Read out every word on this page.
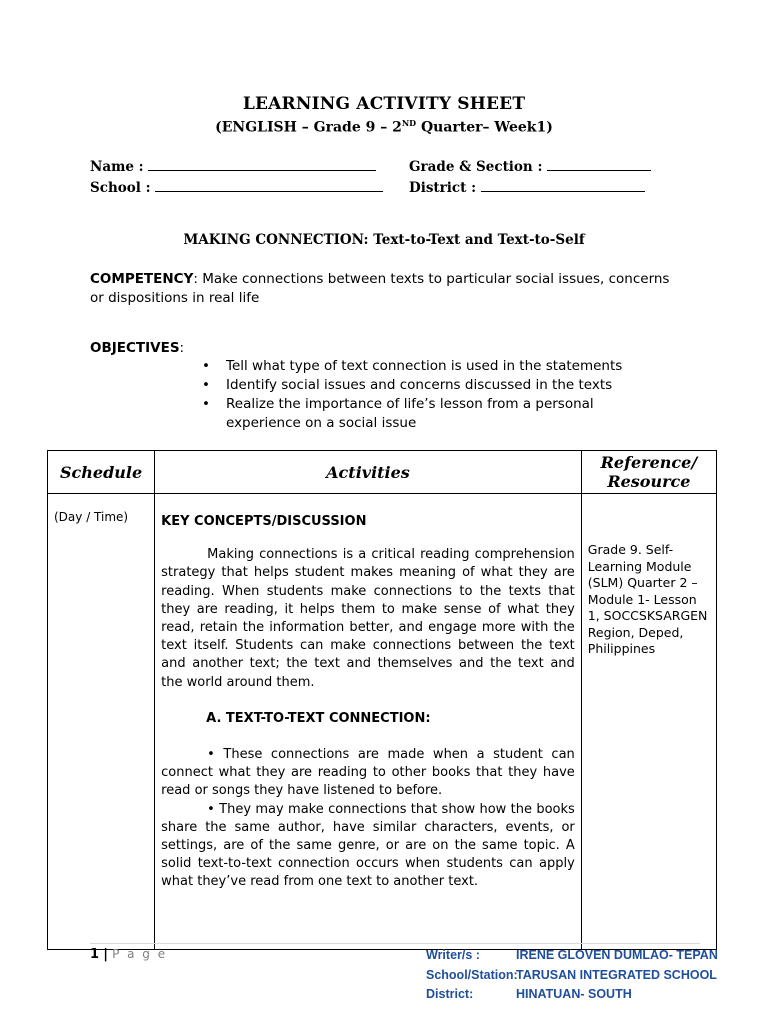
LEARNING ACTIVITY SHEET
(ENGLISH – Grade 9 – 2ND Quarter– Week1)
Name :	Grade & Section :
School :	District :
MAKING CONNECTION: Text-to-Text and Text-to-Self
COMPETENCY: Make connections between texts to particular social issues, concerns or dispositions in real life
OBJECTIVES:
• Tell what type of text connection is used in the statements
• Identify social issues and concerns discussed in the texts
• Realize the importance of life’s lesson from a personal experience on a social issue
Schedule	Activities	Reference/ Resource
(Day / Time)	KEY CONCEPTS/DISCUSSION

Making connections is a critical reading comprehension strategy that helps student makes meaning of what they are reading. When students make connections to the texts that they are reading, it helps them to make sense of what they read, retain the information better, and engage more with the text itself. Students can make connections between the text and another text; the text and themselves and the text and the world around them.

A. TEXT-TO-TEXT CONNECTION:

• These connections are made when a student can connect what they are reading to other books that they have read or songs they have listened to before.

• They may make connections that show how the books share the same author, have similar characters, events, or settings, are of the same genre, or are on the same topic. A solid text-to-text connection occurs when students can apply what they’ve read from one text to another text.	Grade 9. Self-Learning Module (SLM) Quarter 2 – Module 1- Lesson 1, SOCCSKSARGEN Region, Deped, Philippines
1 | P a g e	Writer/s :	IRENE GLOVEN DUMLAO- TEPAN
School/Station:
TARUSAN INTEGRATED SCHOOL
District:	HINATUAN- SOUTH
